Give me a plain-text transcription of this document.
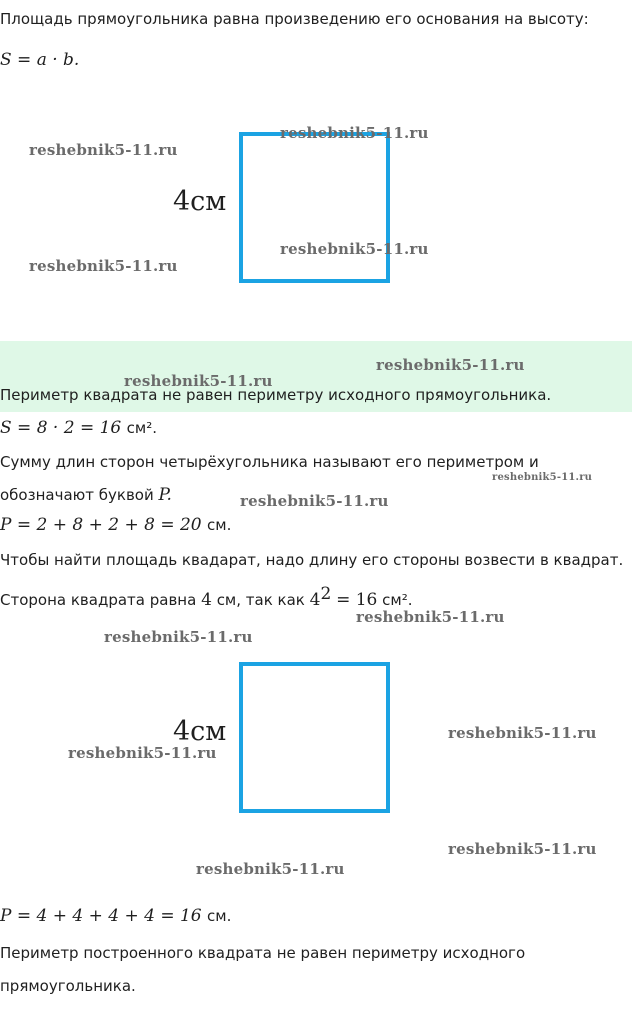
Площадь прямоугольника равна произведению его основания на высоту:
S = a · b.
4см
reshebnik5-11.ru
reshebnik5-11.ru
reshebnik5-11.ru
reshebnik5-11.ru
reshebnik5-11.ru
reshebnik5-11.ru
Периметр квадрата не равен периметру исходного прямоугольника.
S = 8 · 2 = 16 см².
Сумму длин сторон четырёхугольника называют его периметром и
reshebnik5-11.ru
обозначают буквой P.	reshebnik5-11.ru
P = 2 + 8 + 2 + 8 = 20 см.
Чтобы найти площадь квадарат, надо длину его стороны возвести в квадрат.
Сторона квадрата равна 4 см, так как $4^2 = 16$ см².
reshebnik5-11.ru
reshebnik5-11.ru
4см
reshebnik5-11.ru
reshebnik5-11.ru
reshebnik5-11.ru
reshebnik5-11.ru
P = 4 + 4 + 4 + 4 = 16 см.
Периметр построенного квадрата не равен периметру исходного
прямоугольника.
